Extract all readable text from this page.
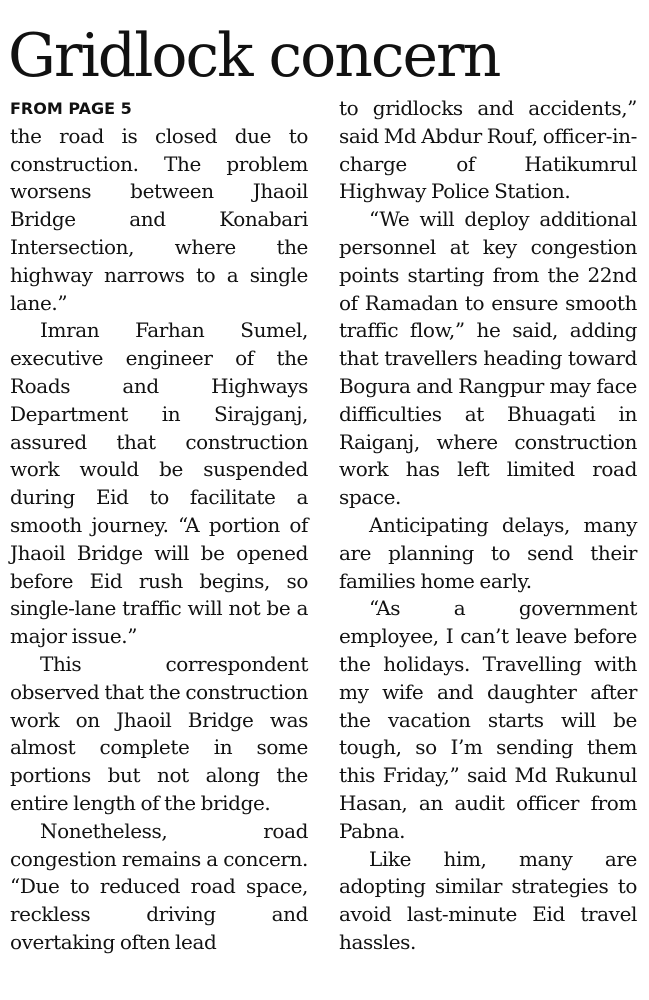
Gridlock concern
FROM PAGE 5

the road is closed due to construction. The problem worsens between Jhaoil Bridge and Konabari Intersection, where the highway narrows to a single lane.”

Imran Farhan Sumel, executive engineer of the Roads and Highways Department in Sirajganj, assured that construction work would be suspended during Eid to facilitate a smooth journey. “A portion of Jhaoil Bridge will be opened before Eid rush begins, so single-lane traffic will not be a major issue.”

This correspondent observed that the construction work on Jhaoil Bridge was almost complete in some portions but not along the entire length of the bridge.

Nonetheless, road congestion remains a concern. “Due to reduced road space, reckless driving and overtaking often lead

to gridlocks and accidents,” said Md Abdur Rouf, officer-in-charge of Hatikumrul Highway Police Station.

“We will deploy additional personnel at key congestion points starting from the 22nd of Ramadan to ensure smooth traffic flow,” he said, adding that travellers heading toward Bogura and Rangpur may face difficulties at Bhuagati in Raiganj, where construction work has left limited road space.

Anticipating delays, many are planning to send their families home early.

“As a government employee, I can’t leave before the holidays. Travelling with my wife and daughter after the vacation starts will be tough, so I’m sending them this Friday,” said Md Rukunul Hasan, an audit officer from Pabna.

Like him, many are adopting similar strategies to avoid last-minute Eid travel hassles.
